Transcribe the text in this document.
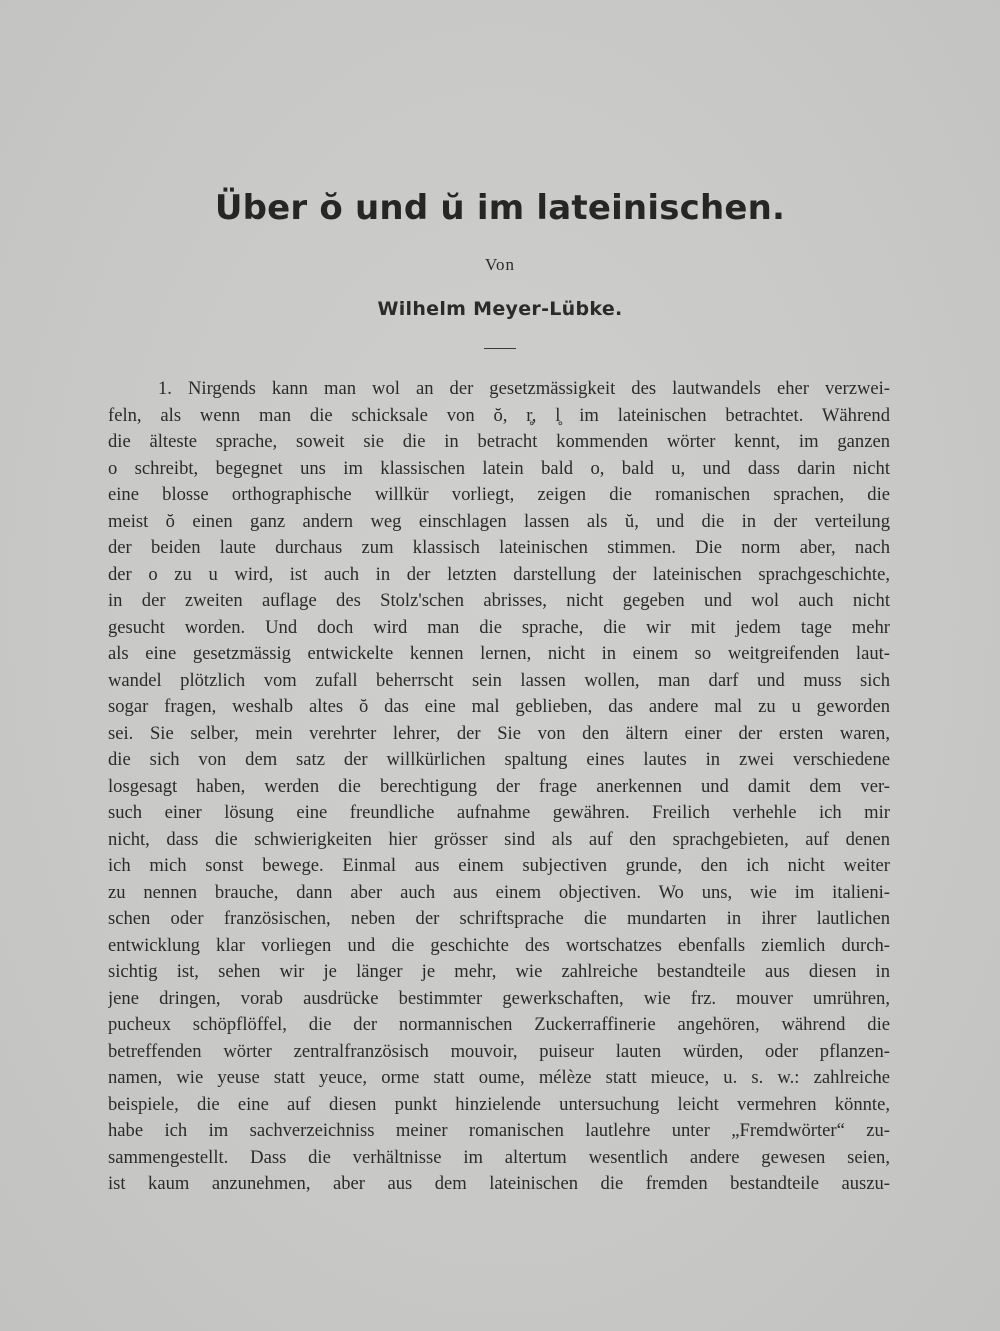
Über ŏ und ŭ im lateinischen.
Von
Wilhelm Meyer-Lübke.
1. Nirgends kann man wol an der gesetzmässigkeit des lautwandels eher verzwei-
feln, als wenn man die schicksale von ŏ, r̥, l̥ im lateinischen betrachtet. Während
die älteste sprache, soweit sie die in betracht kommenden wörter kennt, im ganzen
o schreibt, begegnet uns im klassischen latein bald o, bald u, und dass darin nicht
eine blosse orthographische willkür vorliegt, zeigen die romanischen sprachen, die
meist ŏ einen ganz andern weg einschlagen lassen als ŭ, und die in der verteilung
der beiden laute durchaus zum klassisch lateinischen stimmen. Die norm aber, nach
der o zu u wird, ist auch in der letzten darstellung der lateinischen sprachgeschichte,
in der zweiten auflage des Stolz'schen abrisses, nicht gegeben und wol auch nicht
gesucht worden. Und doch wird man die sprache, die wir mit jedem tage mehr
als eine gesetzmässig entwickelte kennen lernen, nicht in einem so weitgreifenden laut-
wandel plötzlich vom zufall beherrscht sein lassen wollen, man darf und muss sich
sogar fragen, weshalb altes ŏ das eine mal geblieben, das andere mal zu u geworden
sei. Sie selber, mein verehrter lehrer, der Sie von den ältern einer der ersten waren,
die sich von dem satz der willkürlichen spaltung eines lautes in zwei verschiedene
losgesagt haben, werden die berechtigung der frage anerkennen und damit dem ver-
such einer lösung eine freundliche aufnahme gewähren. Freilich verhehle ich mir
nicht, dass die schwierigkeiten hier grösser sind als auf den sprachgebieten, auf denen
ich mich sonst bewege. Einmal aus einem subjectiven grunde, den ich nicht weiter
zu nennen brauche, dann aber auch aus einem objectiven. Wo uns, wie im italieni-
schen oder französischen, neben der schriftsprache die mundarten in ihrer lautlichen
entwicklung klar vorliegen und die geschichte des wortschatzes ebenfalls ziemlich durch-
sichtig ist, sehen wir je länger je mehr, wie zahlreiche bestandteile aus diesen in
jene dringen, vorab ausdrücke bestimmter gewerkschaften, wie frz. mouver umrühren,
pucheux schöpflöffel, die der normannischen Zuckerraffinerie angehören, während die
betreffenden wörter zentralfranzösisch mouvoir, puiseur lauten würden, oder pflanzen-
namen, wie yeuse statt yeuce, orme statt oume, mélèze statt mieuce, u. s. w.: zahlreiche
beispiele, die eine auf diesen punkt hinzielende untersuchung leicht vermehren könnte,
habe ich im sachverzeichniss meiner romanischen lautlehre unter „Fremdwörter“ zu-
sammengestellt. Dass die verhältnisse im altertum wesentlich andere gewesen seien,
ist kaum anzunehmen, aber aus dem lateinischen die fremden bestandteile auszu-
